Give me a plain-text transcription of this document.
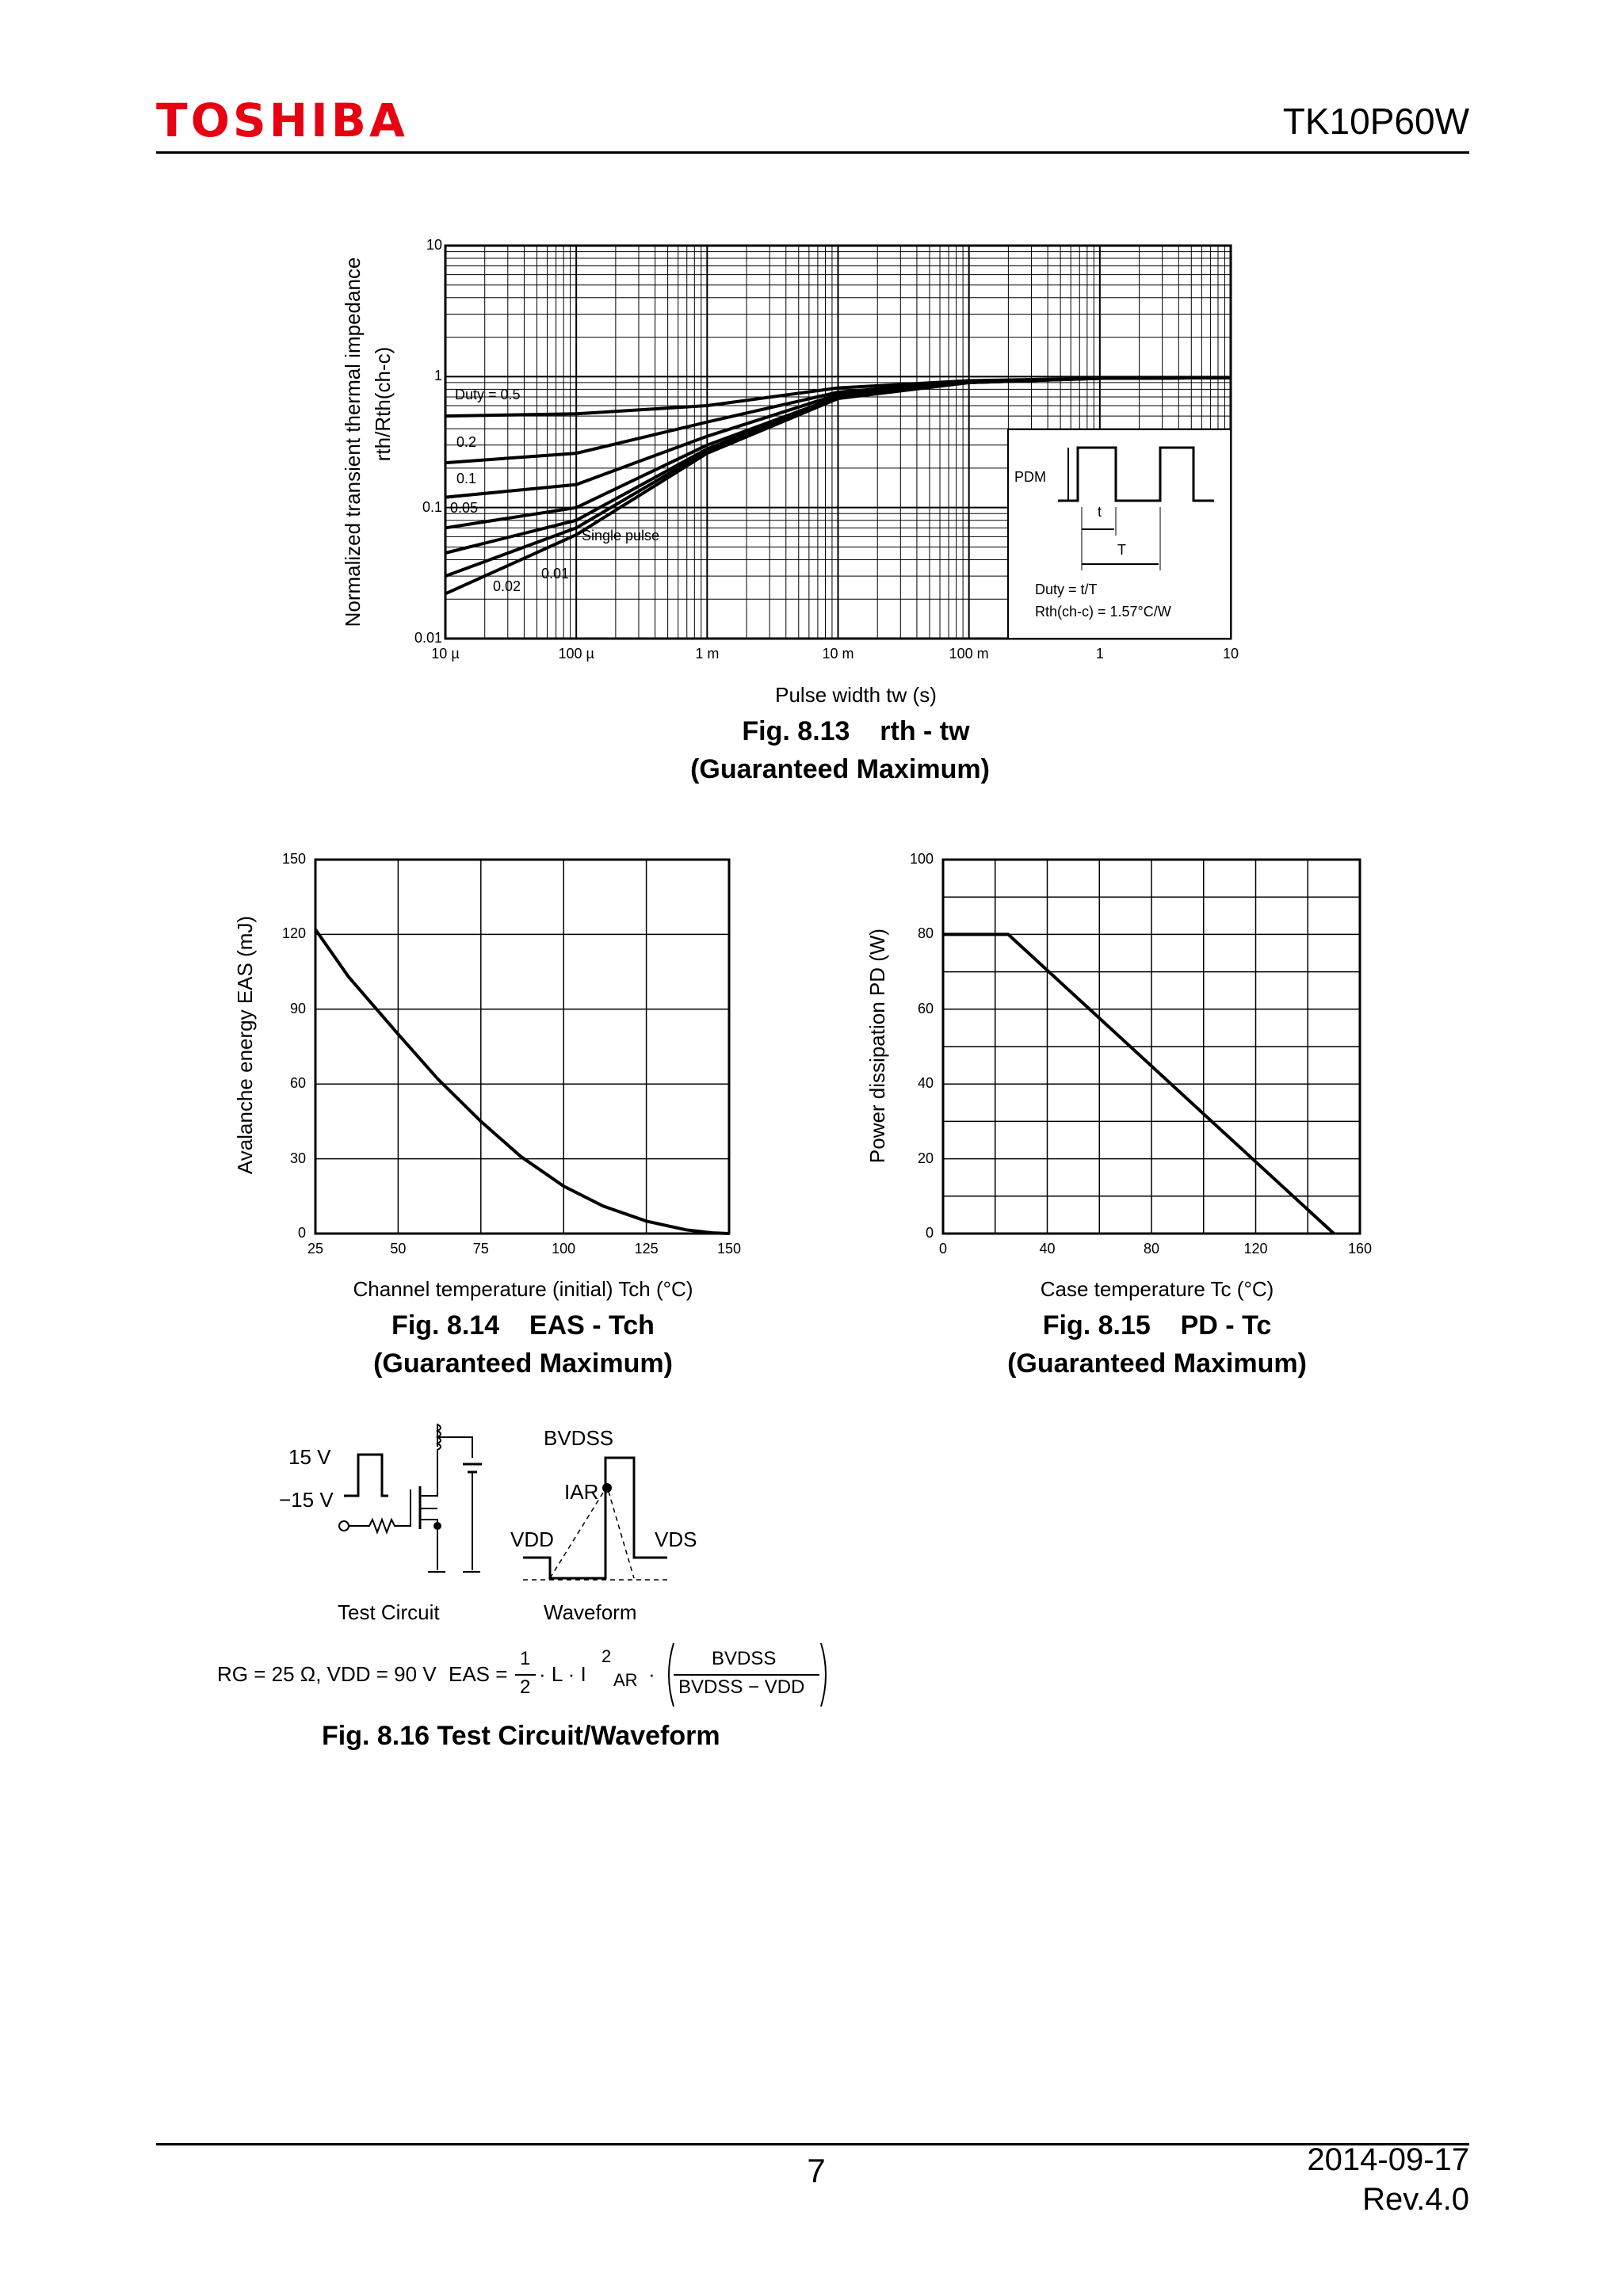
TOSHIBA	TK10P60W
Normalized transient thermal impedance rth/Rth(ch-c)
Pulse width tw (s)
Fig. 8.13 rth - tw
(Guaranteed Maximum)
10 µ	100 µ	1 m	10 m	100 m	1	10
0.01
0.1
1
10
Duty = 0.5
0.2
0.1
0.05
Single pulse
0.02
0.01
PDM
t
T
Duty = t/T
Rth(ch-c) = 1.57°C/W
25	50	75	100	125	150
0
30
60
90
120
150
Avalanche energy EAS (mJ)
Channel temperature (initial) Tch (°C)
Fig. 8.14 EAS - Tch
(Guaranteed Maximum)
0	40	80	120	160
0
20
40
60
80
100
Power dissipation PD (W)
Case temperature Tc (°C)
Fig. 8.15 PD - Tc
(Guaranteed Maximum)
15 V
−15 V
BVDSS
IAR
VDD	VDS
Test Circuit	Waveform
RG = 25 Ω, VDD = 90 V EAS =
1
2
· L · I
2
AR ·
BVDSS
BVDSS − VDD
Fig. 8.16 Test Circuit/Waveform
7	2014-09-17
Rev.4.0
